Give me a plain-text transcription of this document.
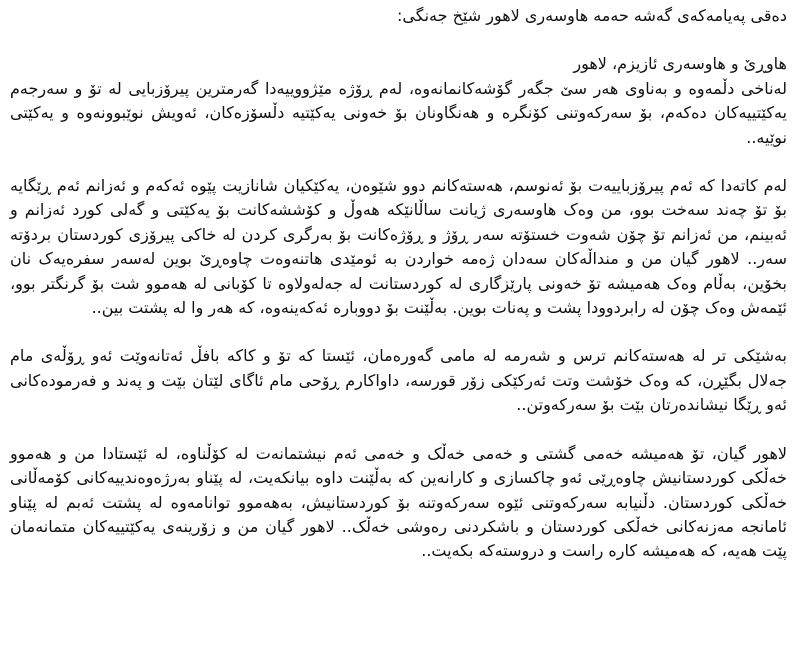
دەقی پەیامەکەی گەشە حەمە هاوسەری لاهور شێخ جەنگی:

هاوڕێ و هاوسەری ئازیزم، لاهور

لەناخی دڵمەوە و بەناوی هەر سێ جگەر گۆشەکانمانەوە، لەم ڕۆژە مێژووییەدا گەرمترین پیرۆزبایی لە تۆ و سەرجەم یەکێتییەکان دەکەم، بۆ سەرکەوتنی کۆنگرە و هەنگاونان بۆ خەونی یەکێتیە دڵسۆزەکان، ئەویش نوێبوونەوە و یەکێتی نوێیە..

لەم کاتەدا کە ئەم پیرۆزباییەت بۆ ئەنوسم، هەستەکانم دوو شێوەن، یەکێکیان شانازیت پێوە ئەکەم و ئەزانم ئەم ڕێگایە بۆ تۆ چەند سەخت بوو، من وەک هاوسەری ژیانت ساڵانێکە هەوڵ و کۆششەکانت بۆ یەکێتی و گەلی کورد ئەزانم و ئەبینم، من ئەزانم تۆ چۆن شەوت خستۆتە سەر ڕۆژ و ڕۆژەکانت بۆ بەرگری کردن لە خاکی پیرۆزی کوردستان بردۆتە سەر.. لاهور گیان من و منداڵەکان سەدان ژەمە خواردن بە ئومێدی هاتنەوەت چاوەڕێ بوین لەسەر سفرەیەک نان بخۆین، بەڵام وەک هەمیشە تۆ خەونی پارێزگاری لە کوردستانت لە جەلەولاوە تا کۆبانی لە هەموو شت بۆ گرنگتر بوو، ئێمەش وەک چۆن لە رابردوودا پشت و پەنات بوین. بەڵێنت بۆ دووبارە ئەکەینەوە، کە هەر وا لە پشتت بین..

بەشێکی تر لە هەستەکانم ترس و شەرمە لە مامی گەورەمان، ئێستا کە تۆ و کاکە بافڵ ئەتانەوێت ئەو ڕۆڵەی مام جەلال بگێڕن، کە وەک خۆشت وتت ئەرکێکی زۆر قورسە، داواکارم ڕۆحی مام ئاگای لێتان بێت و پەند و فەرمودەکانی ئەو ڕێگا نیشاندەرتان بێت بۆ سەرکەوتن..

لاهور گیان، تۆ هەمیشە خەمی گشتی و خەمی خەڵک و خەمی ئەم نیشتمانەت لە کۆڵناوە، لە ئێستادا من و هەموو خەڵکی کوردستانیش چاوەڕێی ئەو چاکسازی و کارانەین کە بەڵێنت داوە بیانکەیت، لە پێناو بەرژەوەندییەکانی کۆمەڵانی خەڵکی کوردستان. دڵنیابە سەرکەوتنی ئێوە سەرکەوتنە بۆ کوردستانیش، بەهەموو توانامەوە لە پشتت ئەبم لە پێناو ئامانجە مەزنەکانی خەڵکی کوردستان و باشکردنی رەوشی خەڵک.. لاهور گیان من و زۆرینەی یەکێتییەکان متمانەمان پێت هەیە، کە هەمیشە کارە راست و دروستەکە بکەیت..
